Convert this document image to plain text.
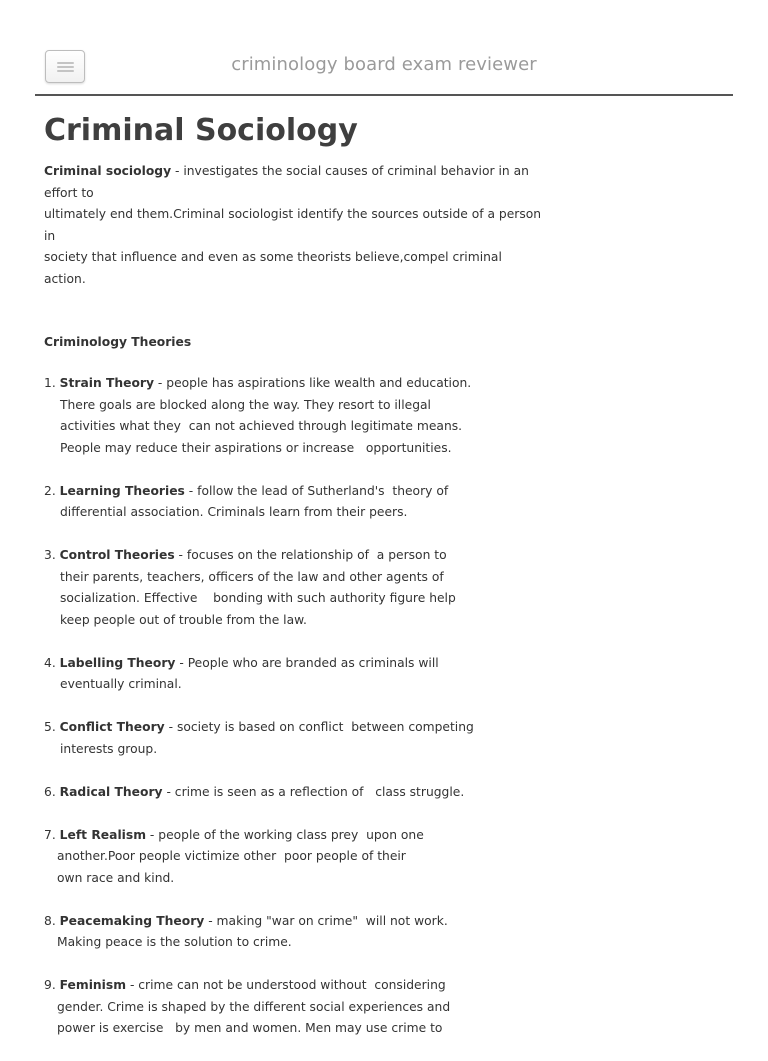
criminology board exam reviewer
Criminal Sociology

Criminal sociology - investigates the social causes of criminal behavior in an effort to
ultimately end them.Criminal sociologist identify the sources outside of a person in
society that influence and even as some theorists believe,compel criminal action.

Criminology Theories
1. Strain Theory - people has aspirations like wealth and education.
There goals are blocked along the way. They resort to illegal
activities what they  can not achieved through legitimate means.
People may reduce their aspirations or increase   opportunities.
2. Learning Theories - follow the lead of Sutherland's  theory of
differential association. Criminals learn from their peers.
3. Control Theories - focuses on the relationship of  a person to
their parents, teachers, officers of the law and other agents of
socialization. Effective    bonding with such authority figure help
keep people out of trouble from the law.
4. Labelling Theory - People who are branded as criminals will
eventually criminal.
5. Conflict Theory - society is based on conflict  between competing
interests group.
6. Radical Theory - crime is seen as a reflection of   class struggle.
7. Left Realism - people of the working class prey  upon one
another.Poor people victimize other  poor people of their
own race and kind.
8. Peacemaking Theory - making "war on crime"  will not work.
Making peace is the solution to crime.
9. Feminism - crime can not be understood without  considering
gender. Crime is shaped by the different social experiences and
power is exercise   by men and women. Men may use crime to
